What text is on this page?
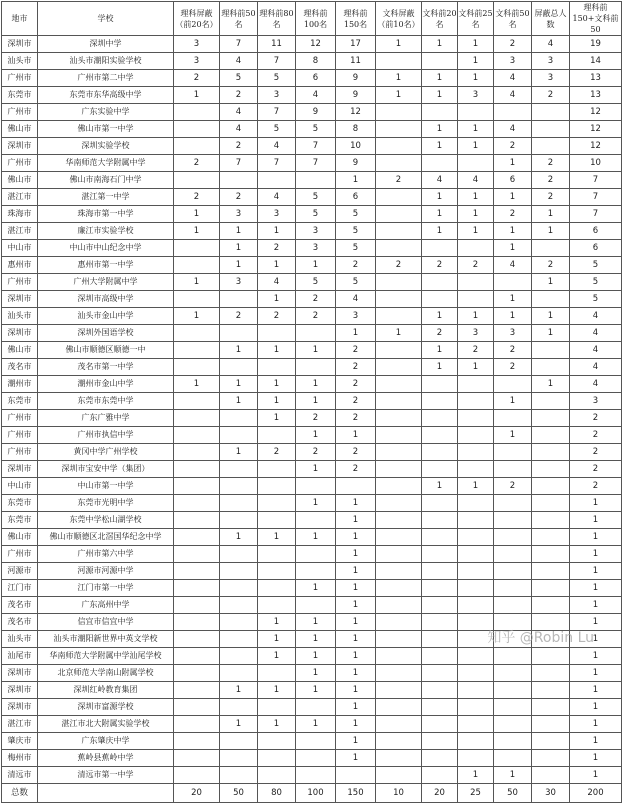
地市	学校	理科屏蔽（前20名）	理科前50名	理科前80名	理科前100名	理科前150名	文科屏蔽（前10名）	文科前20名	文科前25名	文科前50名	屏蔽总人数	理科前150+文科前50
深圳市	深圳中学	3	7	11	12	17	1	1	1	2	4	19
汕头市	汕头市潮阳实验学校	3	4	7	8	11			1	3	3	14
广州市	广州市第二中学	2	5	5	6	9	1	1	1	4	3	13
东莞市	东莞市东华高级中学	1	2	3	4	9	1	1	3	4	2	13
广州市	广东实验中学		4	7	9	12						12
佛山市	佛山市第一中学		4	5	5	8		1	1	4		12
深圳市	深圳实验学校		2	4	7	10		1	1	2		12
广州市	华南师范大学附属中学	2	7	7	7	9				1	2	10
佛山市	佛山市南海石门中学					1	2	4	4	6	2	7
湛江市	湛江第一中学	2	2	4	5	6		1	1	1	2	7
珠海市	珠海市第一中学	1	3	3	5	5		1	1	2	1	7
湛江市	廉江市实验学校	1	1	1	3	5		1	1	1	1	6
中山市	中山市中山纪念中学		1	2	3	5				1		6
惠州市	惠州市第一中学		1	1	1	2	2	2	2	4	2	5
广州市	广州大学附属中学	1	3	4	5	5					1	5
深圳市	深圳市高级中学			1	2	4				1		5
汕头市	汕头市金山中学	1	2	2	2	3		1	1	1	1	4
深圳市	深圳外国语学校					1	1	2	3	3	1	4
佛山市	佛山市顺德区顺德一中		1	1	1	2		1	2	2		4
茂名市	茂名市第一中学					2		1	1	2		4
潮州市	潮州市金山中学	1	1	1	1	2					1	4
东莞市	东莞市东莞中学		1	1	1	2				1		3
广州市	广东广雅中学			1	2	2						2
广州市	广州市执信中学				1	1				1		2
广州市	黄冈中学广州学校		1	2	2	2						2
深圳市	深圳市宝安中学（集团）				1	2						2
中山市	中山市第一中学							1	1	2		2
东莞市	东莞市光明中学				1	1						1
东莞市	东莞中学松山湖学校					1						1
佛山市	佛山市顺德区北滘国华纪念中学		1	1	1	1						1
广州市	广州市第六中学					1						1
河源市	河源市河源中学					1						1
江门市	江门市第一中学				1	1						1
茂名市	广东高州中学					1						1
茂名市	信宜市信宜中学			1	1	1						1
汕头市	汕头市潮阳新世界中英文学校			1	1	1						1
汕尾市	华南师范大学附属中学汕尾学校			1	1	1						1
深圳市	北京师范大学南山附属学校				1	1						1
深圳市	深圳红岭教育集团		1	1	1	1						1
深圳市	深圳市富源学校					1						1
湛江市	湛江市北大附属实验学校		1	1	1	1						1
肇庆市	广东肇庆中学					1						1
梅州市	蕉岭县蕉岭中学					1						1
清远市	清远市第一中学								1	1		1
总数		20	50	80	100	150	10	20	25	50	30	200
知乎 @Robin Lu
